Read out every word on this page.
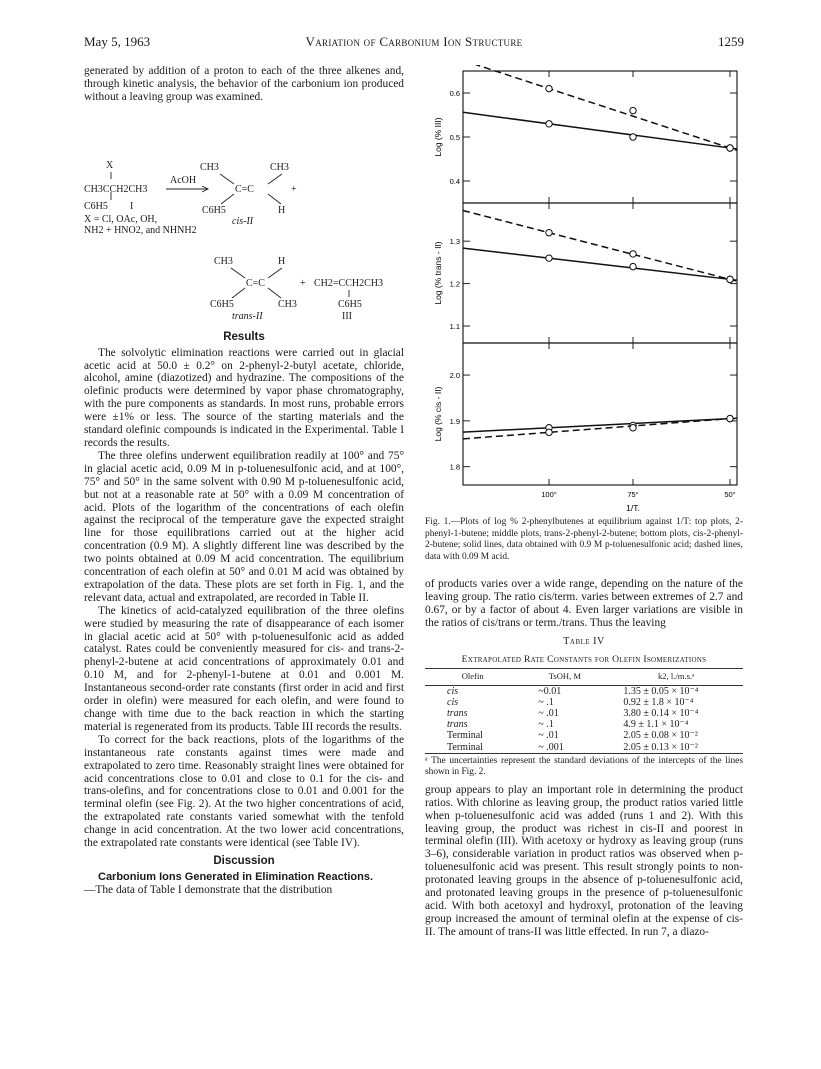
May 5, 1963	Variation of Carbonium Ion Structure	1259

generated by addition of a proton to each of the three alkenes and, through kinetic analysis, the behavior of the carbonium ion produced without a leaving group was examined.

X
CH3CCH2CH3
C6H5 I
AcOH
CH3	CH3
C=C	+
C6H5	H
X = Cl, OAc, OH,
NH2 + HNO2, and NHNH2
cis-II
CH3	H
C=C	+ CH2=CCH2CH3
C6H5	CH3	C6H5
trans-II	III
Results

The solvolytic elimination reactions were carried out in glacial acetic acid at 50.0 ± 0.2° on 2-phenyl-2-butyl acetate, chloride, alcohol, amine (diazotized) and hydrazine. The compositions of the olefinic products were determined by vapor phase chromatography, with the pure components as standards. In most runs, probable errors were ±1% or less. The source of the starting materials and the standard olefinic compounds is indicated in the Experimental. Table I records the results.

The three olefins underwent equilibration readily at 100° and 75° in glacial acetic acid, 0.09 M in p-toluenesulfonic acid, and at 100°, 75° and 50° in the same solvent with 0.90 M p-toluenesulfonic acid, but not at a reasonable rate at 50° with a 0.09 M concentration of acid. Plots of the logarithm of the concentrations of each olefin against the reciprocal of the temperature gave the expected straight line for those equilibrations carried out at the higher acid concentration (0.9 M). A slightly different line was described by the two points obtained at 0.09 M acid concentration. The equilibrium concentration of each olefin at 50° and 0.01 M acid was obtained by extrapolation of the data. These plots are set forth in Fig. 1, and the relevant data, actual and extrapolated, are recorded in Table II.

The kinetics of acid-catalyzed equilibration of the three olefins were studied by measuring the rate of disappearance of each isomer in glacial acetic acid at 50° with p-toluenesulfonic acid as added catalyst. Rates could be conveniently measured for cis- and trans-2-phenyl-2-butene at acid concentrations of approximately 0.01 and 0.10 M, and for 2-phenyl-1-butene at 0.01 and 0.001 M. Instantaneous second-order rate constants (first order in acid and first order in olefin) were measured for each olefin, and were found to change with time due to the back reaction in which the starting material is regenerated from its products. Table III records the results.

To correct for the back reactions, plots of the logarithms of the instantaneous rate constants against times were made and extrapolated to zero time. Reasonably straight lines were obtained for acid concentrations close to 0.01 and close to 0.1 for the cis- and trans-olefins, and for concentrations close to 0.01 and 0.001 for the terminal olefin (see Fig. 2). At the two higher concentrations of acid, the extrapolated rate constants varied somewhat with the tenfold change in acid concentration. At the two lower acid concentrations, the extrapolated rate constants were identical (see Table IV).

Discussion

Carbonium Ions Generated in Elimination Reactions.

—The data of Table I demonstrate that the distribution

0.6
0.5
0.4
Log (% III)
1.3
1.2
1.1
Log (% trans - II)
2.0
1.9
1.8
Log (% cis - II)
100°	75°	50°
1/T.
Fig. 1.—Plots of log % 2-phenylbutenes at equilibrium against 1/T: top plots, 2-phenyl-1-butene; middle plots, trans-2-phenyl-2-butene; bottom plots, cis-2-phenyl-2-butene; solid lines, data obtained with 0.9 M p-toluenesulfonic acid; dashed lines, data with 0.09 M acid.

of products varies over a wide range, depending on the nature of the leaving group. The ratio cis/term. varies between extremes of 2.7 and 0.67, or by a factor of about 4. Even larger variations are visible in the ratios of cis/trans or term./trans. Thus the leaving

Table IV
Extrapolated Rate Constants for Olefin Isomerizations
Olefin	TsOH, M	k2, l./m.s.ᵃ
cis	~0.01	1.35 ± 0.05 × 10⁻⁴
cis	~ .1	0.92 ± 1.8 × 10⁻⁴
trans	~ .01	3.80 ± 0.14 × 10⁻⁴
trans	~ .1	4.9 ± 1.1 × 10⁻⁴
Terminal	~ .01	2.05 ± 0.08 × 10⁻²
Terminal	~ .001	2.05 ± 0.13 × 10⁻²
ᵃ The uncertainties represent the standard deviations of the intercepts of the lines shown in Fig. 2.

group appears to play an important role in determining the product ratios. With chlorine as leaving group, the product ratios varied little when p-toluenesulfonic acid was added (runs 1 and 2). With this leaving group, the product was richest in cis-II and poorest in terminal olefin (III). With acetoxy or hydroxy as leaving group (runs 3–6), considerable variation in product ratios was observed when p-toluenesulfonic acid was present. This result strongly points to non-protonated leaving groups in the absence of p-toluenesulfonic acid, and protonated leaving groups in the presence of p-toluenesulfonic acid. With both acetoxyl and hydroxyl, protonation of the leaving group increased the amount of terminal olefin at the expense of cis-II. The amount of trans-II was little effected. In run 7, a diazo-
